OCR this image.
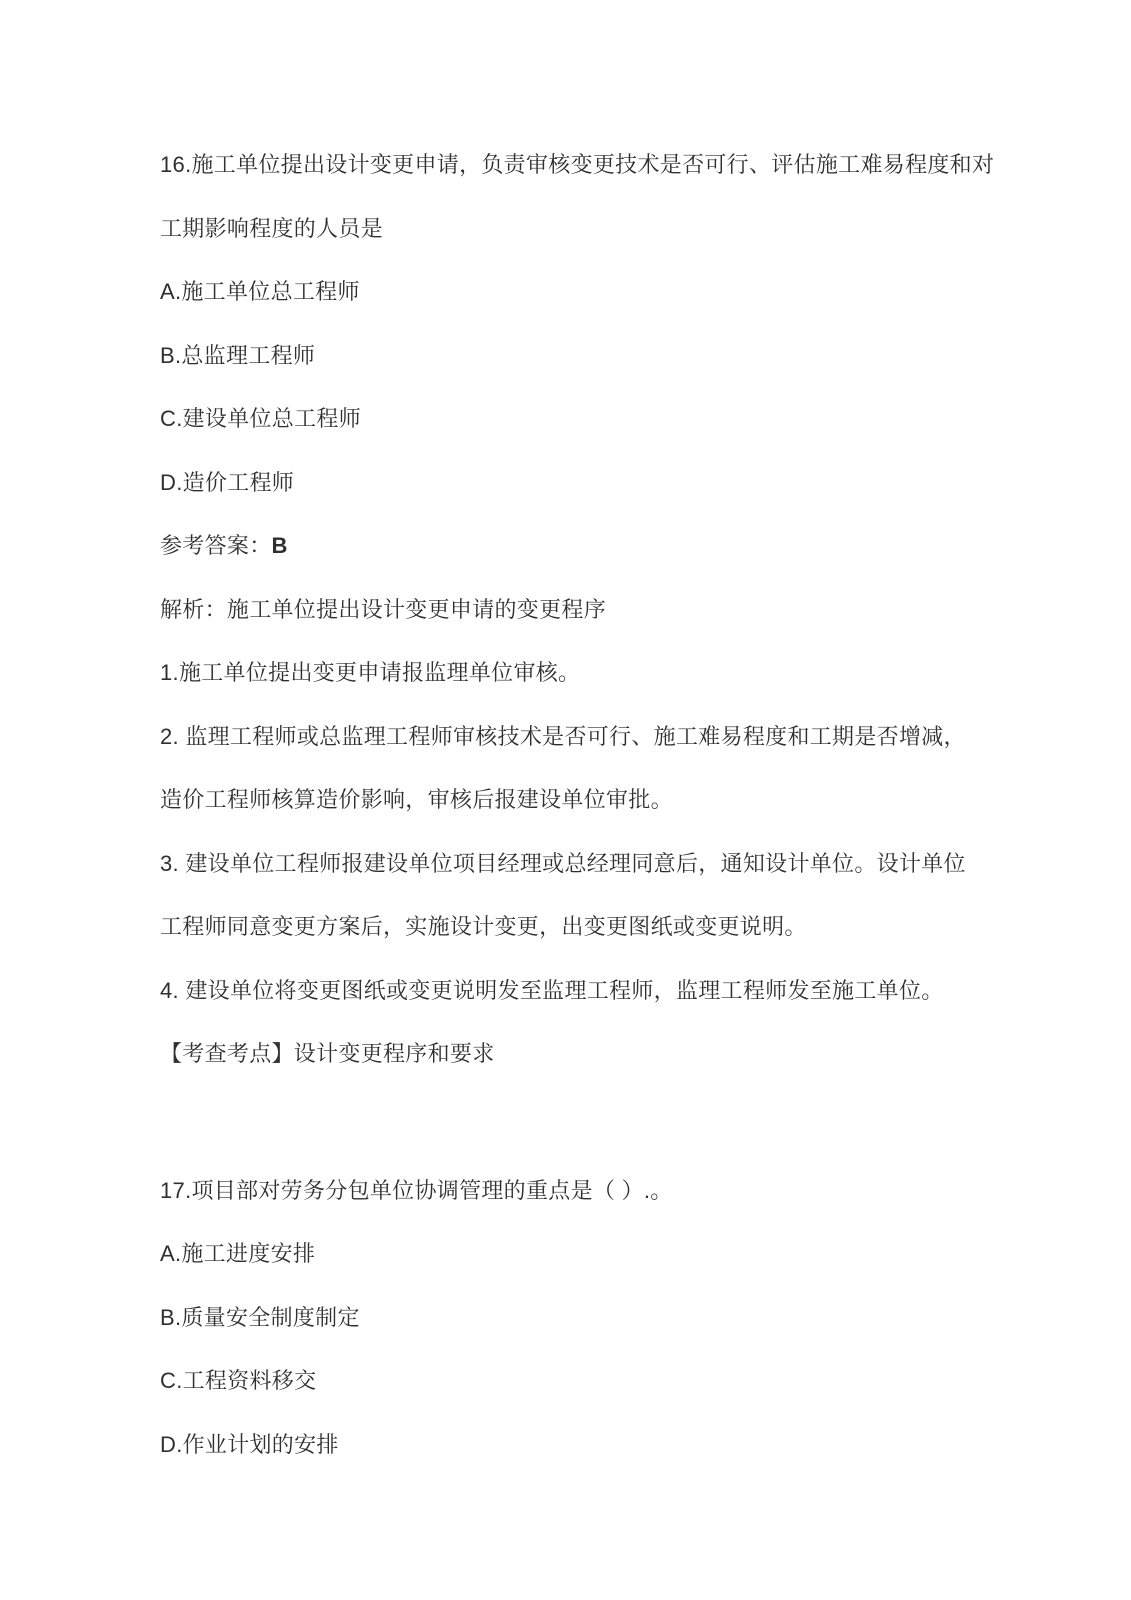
16.施工单位提出设计变更申请，负责审核变更技术是否可行、评估施工难易程度和对

工期影响程度的人员是

A.施工单位总工程师

B.总监理工程师

C.建设单位总工程师

D.造价工程师

参考答案：B

解析：施工单位提出设计变更申请的变更程序

1.施工单位提出变更申请报监理单位审核。

2. 监理工程师或总监理工程师审核技术是否可行、施工难易程度和工期是否增减，

造价工程师核算造价影响，审核后报建设单位审批。

3. 建设单位工程师报建设单位项目经理或总经理同意后，通知设计单位。设计单位

工程师同意变更方案后，实施设计变更，出变更图纸或变更说明。

4. 建设单位将变更图纸或变更说明发至监理工程师，监理工程师发至施工单位。

【考查考点】设计变更程序和要求

17.项目部对劳务分包单位协调管理的重点是（ ）.。

A.施工进度安排

B.质量安全制度制定

C.工程资料移交

D.作业计划的安排
